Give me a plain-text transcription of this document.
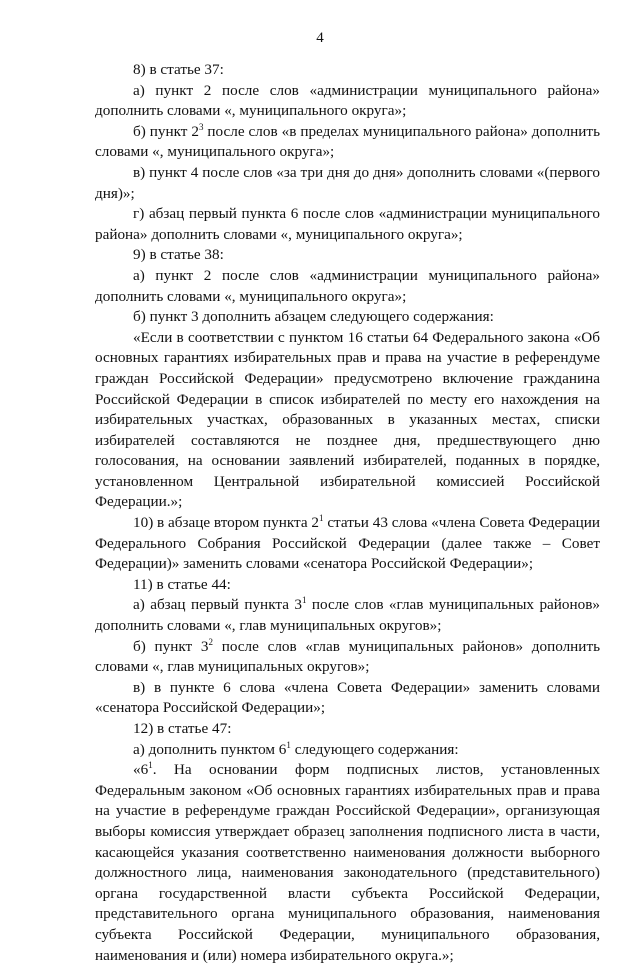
4

8) в статье 37:

а) пункт 2 после слов «администрации муниципального района» дополнить словами «, муниципального округа»;

б) пункт $2^3$ после слов «в пределах муниципального района» дополнить словами «, муниципального округа»;

в) пункт 4 после слов «за три дня до дня» дополнить словами «(первого дня)»;

г) абзац первый пункта 6 после слов «администрации муниципального района» дополнить словами «, муниципального округа»;

9) в статье 38:

а) пункт 2 после слов «администрации муниципального района» дополнить словами «, муниципального округа»;

б) пункт 3 дополнить абзацем следующего содержания:

«Если в соответствии с пунктом 16 статьи 64 Федерального закона «Об основных гарантиях избирательных прав и права на участие в референдуме граждан Российской Федерации» предусмотрено включение гражданина Российской Федерации в список избирателей по месту его нахождения на избирательных участках, образованных в указанных местах, списки избирателей составляются не позднее дня, предшествующего дню голосования, на основании заявлений избирателей, поданных в порядке, установленном Центральной избирательной комиссией Российской Федерации.»;

10) в абзаце втором пункта $2^1$ статьи 43 слова «члена Совета Федерации Федерального Собрания Российской Федерации (далее также – Совет Федерации)» заменить словами «сенатора Российской Федерации»;

11) в статье 44:

а) абзац первый пункта $3^1$ после слов «глав муниципальных районов» дополнить словами «, глав муниципальных округов»;

б) пункт $3^2$ после слов «глав муниципальных районов» дополнить словами «, глав муниципальных округов»;

в) в пункте 6 слова «члена Совета Федерации» заменить словами «сенатора Российской Федерации»;

12) в статье 47:

а) дополнить пунктом $6^1$ следующего содержания:

«$6^1$. На основании форм подписных листов, установленных Федеральным законом «Об основных гарантиях избирательных прав и права на участие в референдуме граждан Российской Федерации», организующая выборы комиссия утверждает образец заполнения подписного листа в части, касающейся указания соответственно наименования должности выборного должностного лица, наименования законодательного (представительного) органа государственной власти субъекта Российской Федерации, представительного органа муниципального образования, наименования субъекта Российской Федерации, муниципального образования, наименования и (или) номера избирательного округа.»;
